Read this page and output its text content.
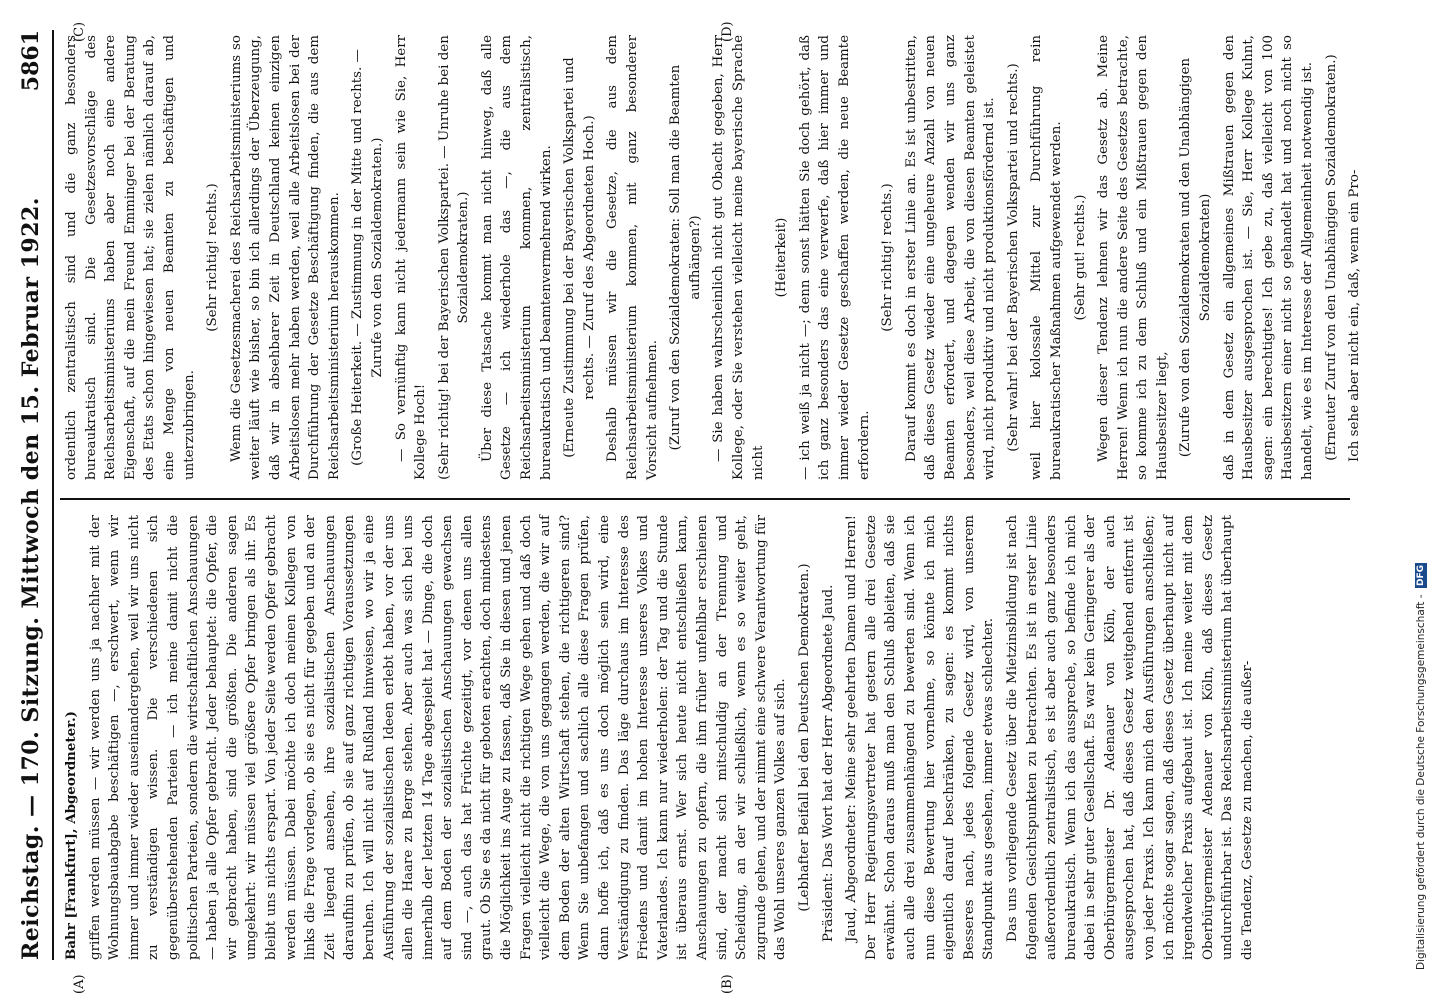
Reichstag. — 170. Sitzung. Mittwoch den 15. Februar 1922.
5861
(A)	(B)
(C)	(D)

Bahr [Frankfurt], Abgeordneter.) griffen werden müssen — wir werden uns ja nachher mit der Wohnungsbauabgabe beschäftigen —, erschwert, wenn wir immer und immer wieder auseinandergehen, weil wir uns nicht zu verständigen wissen. Die verschiedenen sich gegenüberstehenden Parteien — ich meine damit nicht die politischen Parteien, sondern die wirtschaftlichen Anschauungen — haben ja alle Opfer gebracht. Jeder behauptet: die Opfer, die wir gebracht haben, sind die größten. Die anderen sagen umgekehrt: wir müssen viel größere Opfer bringen als ihr. Es bleibt uns nichts erspart. Von jeder Seite werden Opfer gebracht werden müssen. Dabei möchte ich doch meinen Kollegen von links die Frage vorlegen, ob sie es nicht für gegeben und an der Zeit liegend ansehen, ihre sozialistischen Anschauungen daraufhin zu prüfen, ob sie auf ganz richtigen Voraussetzungen beruhen. Ich will nicht auf Rußland hinweisen, wo wir ja eine Ausführung der sozialistischen Ideen erlebt haben, vor der uns allen die Haare zu Berge stehen. Aber auch was sich bei uns innerhalb der letzten 14 Tage abgespielt hat — Dinge, die doch auf dem Boden der sozialistischen Anschauungen gewachsen sind —, auch das hat Früchte gezeitigt, vor denen uns allen graut. Ob Sie es da nicht für geboten erachten, doch mindestens die Möglichkeit ins Auge zu fassen, daß Sie in diesen und jenen Fragen vielleicht nicht die richtigen Wege gehen und daß doch vielleicht die Wege, die von uns gegangen werden, die wir auf dem Boden der alten Wirtschaft stehen, die richtigeren sind? Wenn Sie unbefangen und sachlich alle diese Fragen prüfen, dann hoffe ich, daß es uns doch möglich sein wird, eine Verständigung zu finden. Das läge durchaus im Interesse des Friedens und damit im hohen Interesse unseres Volkes und Vaterlandes. Ich kann nur wiederholen: der Tag und die Stunde ist überaus ernst. Wer sich heute nicht entschließen kann, Anschauungen zu opfern, die ihm früher unfehlbar erschienen sind, der macht sich mitschuldig an der Trennung und Scheidung, an der wir schließlich, wenn es so weiter geht, zugrunde gehen, und der nimmt eine schwere Verantwortung für das Wohl unseres ganzen Volkes auf sich. (Lebhafter Beifall bei den Deutschen Demokraten.) Präsident: Das Wort hat der Herr Abgeordnete Jaud. Jaud, Abgeordneter: Meine sehr geehrten Damen und Herren! Der Herr Regierungsvertreter hat gestern alle drei Gesetze erwähnt. Schon daraus muß man den Schluß ableiten, daß sie auch alle drei zusammenhängend zu bewerten sind. Wenn ich nun diese Bewertung hier vornehme, so könnte ich mich eigentlich darauf beschränken, zu sagen: es kommt nichts Besseres nach, jedes folgende Gesetz wird, von unserem Standpunkt aus gesehen, immer etwas schlechter. Das uns vorliegende Gesetz über die Mietzinsbildung ist nach folgenden Gesichtspunkten zu betrachten. Es ist in erster Linie außerordentlich zentralistisch, es ist aber auch ganz besonders bureaukratisch. Wenn ich das ausspreche, so befinde ich mich dabei in sehr guter Gesellschaft. Es war kein Geringerer als der Oberbürgermeister Dr. Adenauer von Köln, der auch ausgesprochen hat, daß dieses Gesetz weitgehend entfernt ist von jeder Praxis. Ich kann mich den Ausführungen anschließen; ich möchte sogar sagen, daß dieses Gesetz überhaupt nicht auf irgendwelcher Praxis aufgebaut ist. Ich meine weiter mit dem Oberbürgermeister Adenauer von Köln, daß dieses Gesetz undurchführbar ist. Das Reichsarbeitsministerium hat überhaupt die Tendenz, Gesetze zu machen, die außer-

ordentlich zentralistisch sind und die ganz besonders bureaukratisch sind. Die Gesetzesvorschläge des Reichsarbeitsministeriums haben aber noch eine andere Eigenschaft, auf die mein Freund Emminger bei der Beratung des Etats schon hingewiesen hat; sie zielen nämlich darauf ab, eine Menge von neuen Beamten zu beschäftigen und unterzubringen.

(Sehr richtig! rechts.) Wenn die Gesetzesmacherei des Reichsarbeitsministeriums so weiter läuft wie bisher, so bin ich allerdings der Überzeugung, daß wir in absehbarer Zeit in Deutschland keinen einzigen Arbeitslosen mehr haben werden, weil alle Arbeitslosen bei der Durchführung der Gesetze Beschäftigung finden, die aus dem Reichsarbeitsministerium herauskommen. (Große Heiterkeit. — Zustimmung in der Mitte und rechts. — Zurufe von den Sozialdemokraten.) — So vernünftig kann nicht jedermann sein wie Sie, Herr Kollege Hoch! (Sehr richtig! bei der Bayerischen Volkspartei. — Unruhe bei den Sozialdemokraten.) Über diese Tatsache kommt man nicht hinweg, daß alle Gesetze — ich wiederhole das —, die aus dem Reichsarbeitsministerium kommen, zentralistisch, bureaukratisch und beamtenvermehrend wirken. (Erneute Zustimmung bei der Bayerischen Volkspartei und rechts. — Zuruf des Abgeordneten Hoch.) Deshalb müssen wir die Gesetze, die aus dem Reichsarbeitsministerium kommen, mit ganz besonderer Vorsicht aufnehmen. (Zuruf von den Sozialdemokraten: Soll man die Beamten aufhängen?) — Sie haben wahrscheinlich nicht gut Obacht gegeben, Herr Kollege, oder Sie verstehen vielleicht meine bayerische Sprache nicht

(Heiterkeit) — ich weiß ja nicht —; denn sonst hätten Sie doch gehört, daß ich ganz besonders das eine verwerfe, daß hier immer und immer wieder Gesetze geschaffen werden, die neue Beamte erfordern.

(Sehr richtig! rechts.) Darauf kommt es doch in erster Linie an. Es ist unbestritten, daß dieses Gesetz wieder eine ungeheure Anzahl von neuen Beamten erfordert, und dagegen wenden wir uns ganz besonders, weil diese Arbeit, die von diesen Beamten geleistet wird, nicht produktiv und nicht produktionsfördernd ist. (Sehr wahr! bei der Bayerischen Volkspartei und rechts.) weil hier kolossale Mittel zur Durchführung rein bureaukratischer Maßnahmen aufgewendet werden. (Sehr gut! rechts.) Wegen dieser Tendenz lehnen wir das Gesetz ab. Meine Herren! Wenn ich nun die andere Seite des Gesetzes betrachte, so komme ich zu dem Schluß und ein Mißtrauen gegen den Hausbesitzer liegt, (Zurufe von den Sozialdemokraten und den Unabhängigen Sozialdemokraten) daß in dem Gesetz ein allgemeines Mißtrauen gegen den Hausbesitzer ausgesprochen ist. — Sie, Herr Kollege Kuhnt, sagen: ein berechtigtes! Ich gebe zu, daß vielleicht von 100 Hausbesitzern einer nicht so gehandelt hat und noch nicht so handelt, wie es im Interesse der Allgemeinheit notwendig ist. (Erneuter Zuruf von den Unabhängigen Sozialdemokraten.) Ich sehe aber nicht ein, daß, wenn ein Pro-

Digitalisierung gefördert durch die Deutsche Forschungsgemeinschaft -
DFG
